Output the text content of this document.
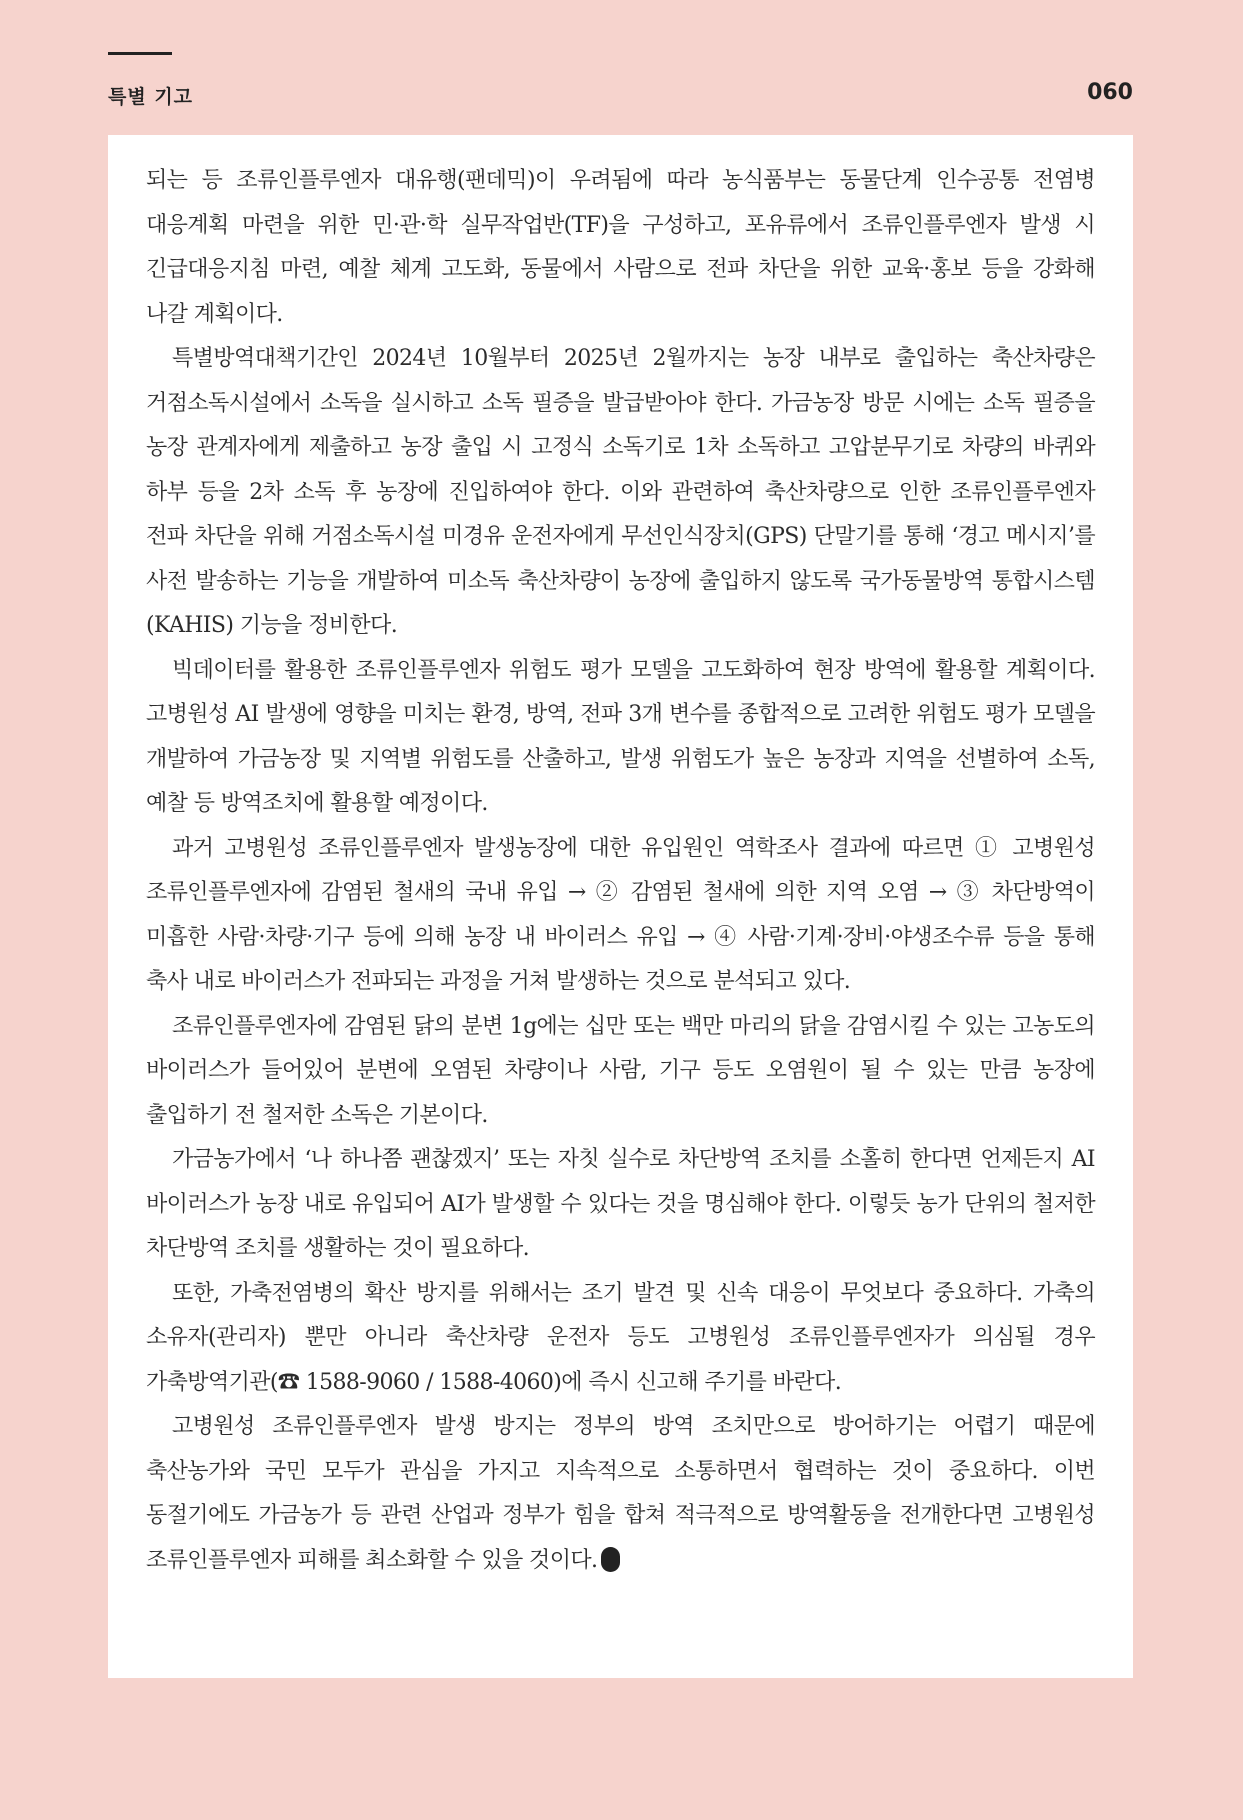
특별 기고	060

되는 등 조류인플루엔자 대유행(팬데믹)이 우려됨에 따라 농식품부는 동물단계 인수공통 전염병 대응계획 마련을 위한 민·관·학 실무작업반(TF)을 구성하고, 포유류에서 조류인플루엔자 발생 시 긴급대응지침 마련, 예찰 체계 고도화, 동물에서 사람으로 전파 차단을 위한 교육·홍보 등을 강화해 나갈 계획이다.

특별방역대책기간인 2024년 10월부터 2025년 2월까지는 농장 내부로 출입하는 축산차량은 거점소독시설에서 소독을 실시하고 소독 필증을 발급받아야 한다. 가금농장 방문 시에는 소독 필증을 농장 관계자에게 제출하고 농장 출입 시 고정식 소독기로 1차 소독하고 고압분무기로 차량의 바퀴와 하부 등을 2차 소독 후 농장에 진입하여야 한다. 이와 관련하여 축산차량으로 인한 조류인플루엔자 전파 차단을 위해 거점소독시설 미경유 운전자에게 무선인식장치(GPS) 단말기를 통해 ‘경고 메시지’를 사전 발송하는 기능을 개발하여 미소독 축산차량이 농장에 출입하지 않도록 국가동물방역 통합시스템(KAHIS) 기능을 정비한다.

빅데이터를 활용한 조류인플루엔자 위험도 평가 모델을 고도화하여 현장 방역에 활용할 계획이다. 고병원성 AI 발생에 영향을 미치는 환경, 방역, 전파 3개 변수를 종합적으로 고려한 위험도 평가 모델을 개발하여 가금농장 및 지역별 위험도를 산출하고, 발생 위험도가 높은 농장과 지역을 선별하여 소독, 예찰 등 방역조치에 활용할 예정이다.

과거 고병원성 조류인플루엔자 발생농장에 대한 유입원인 역학조사 결과에 따르면 ① 고병원성 조류인플루엔자에 감염된 철새의 국내 유입 → ② 감염된 철새에 의한 지역 오염 → ③ 차단방역이 미흡한 사람·차량·기구 등에 의해 농장 내 바이러스 유입 → ④ 사람·기계·장비·야생조수류 등을 통해 축사 내로 바이러스가 전파되는 과정을 거쳐 발생하는 것으로 분석되고 있다.

조류인플루엔자에 감염된 닭의 분변 1g에는 십만 또는 백만 마리의 닭을 감염시킬 수 있는 고농도의 바이러스가 들어있어 분변에 오염된 차량이나 사람, 기구 등도 오염원이 될 수 있는 만큼 농장에 출입하기 전 철저한 소독은 기본이다.

가금농가에서 ‘나 하나쯤 괜찮겠지’ 또는 자칫 실수로 차단방역 조치를 소홀히 한다면 언제든지 AI 바이러스가 농장 내로 유입되어 AI가 발생할 수 있다는 것을 명심해야 한다. 이렇듯 농가 단위의 철저한 차단방역 조치를 생활하는 것이 필요하다.

또한, 가축전염병의 확산 방지를 위해서는 조기 발견 및 신속 대응이 무엇보다 중요하다. 가축의 소유자(관리자) 뿐만 아니라 축산차량 운전자 등도 고병원성 조류인플루엔자가 의심될 경우 가축방역기관(☎ 1588-9060 / 1588-4060)에 즉시 신고해 주기를 바란다.

고병원성 조류인플루엔자 발생 방지는 정부의 방역 조치만으로 방어하기는 어렵기 때문에 축산농가와 국민 모두가 관심을 가지고 지속적으로 소통하면서 협력하는 것이 중요하다. 이번 동절기에도 가금농가 등 관련 산업과 정부가 힘을 합쳐 적극적으로 방역활동을 전개한다면 고병원성 조류인플루엔자 피해를 최소화할 수 있을 것이다.
